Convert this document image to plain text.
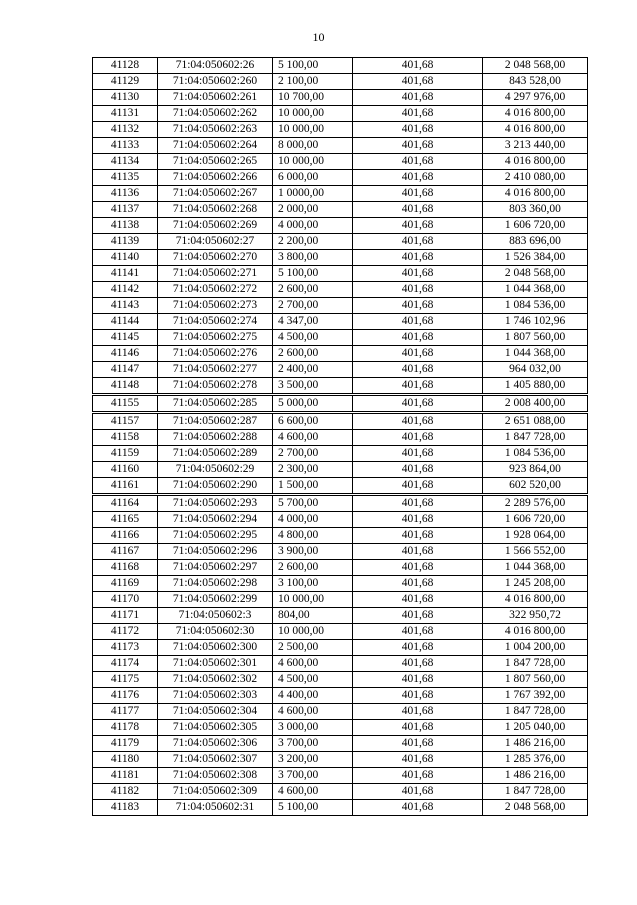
10
41128	71:04:050602:26	5 100,00	401,68	2 048 568,00
41129	71:04:050602:260	2 100,00	401,68	843 528,00
41130	71:04:050602:261	10 700,00	401,68	4 297 976,00
41131	71:04:050602:262	10 000,00	401,68	4 016 800,00
41132	71:04:050602:263	10 000,00	401,68	4 016 800,00
41133	71:04:050602:264	8 000,00	401,68	3 213 440,00
41134	71:04:050602:265	10 000,00	401,68	4 016 800,00
41135	71:04:050602:266	6 000,00	401,68	2 410 080,00
41136	71:04:050602:267	1 0000,00	401,68	4 016 800,00
41137	71:04:050602:268	2 000,00	401,68	803 360,00
41138	71:04:050602:269	4 000,00	401,68	1 606 720,00
41139	71:04:050602:27	2 200,00	401,68	883 696,00
41140	71:04:050602:270	3 800,00	401,68	1 526 384,00
41141	71:04:050602:271	5 100,00	401,68	2 048 568,00
41142	71:04:050602:272	2 600,00	401,68	1 044 368,00
41143	71:04:050602:273	2 700,00	401,68	1 084 536,00
41144	71:04:050602:274	4 347,00	401,68	1 746 102,96
41145	71:04:050602:275	4 500,00	401,68	1 807 560,00
41146	71:04:050602:276	2 600,00	401,68	1 044 368,00
41147	71:04:050602:277	2 400,00	401,68	964 032,00
41148	71:04:050602:278	3 500,00	401,68	1 405 880,00
41155	71:04:050602:285	5 000,00	401,68	2 008 400,00
41157	71:04:050602:287	6 600,00	401,68	2 651 088,00
41158	71:04:050602:288	4 600,00	401,68	1 847 728,00
41159	71:04:050602:289	2 700,00	401,68	1 084 536,00
41160	71:04:050602:29	2 300,00	401,68	923 864,00
41161	71:04:050602:290	1 500,00	401,68	602 520,00
41164	71:04:050602:293	5 700,00	401,68	2 289 576,00
41165	71:04:050602:294	4 000,00	401,68	1 606 720,00
41166	71:04:050602:295	4 800,00	401,68	1 928 064,00
41167	71:04:050602:296	3 900,00	401,68	1 566 552,00
41168	71:04:050602:297	2 600,00	401,68	1 044 368,00
41169	71:04:050602:298	3 100,00	401,68	1 245 208,00
41170	71:04:050602:299	10 000,00	401,68	4 016 800,00
41171	71:04:050602:3	804,00	401,68	322 950,72
41172	71:04:050602:30	10 000,00	401,68	4 016 800,00
41173	71:04:050602:300	2 500,00	401,68	1 004 200,00
41174	71:04:050602:301	4 600,00	401,68	1 847 728,00
41175	71:04:050602:302	4 500,00	401,68	1 807 560,00
41176	71:04:050602:303	4 400,00	401,68	1 767 392,00
41177	71:04:050602:304	4 600,00	401,68	1 847 728,00
41178	71:04:050602:305	3 000,00	401,68	1 205 040,00
41179	71:04:050602:306	3 700,00	401,68	1 486 216,00
41180	71:04:050602:307	3 200,00	401,68	1 285 376,00
41181	71:04:050602:308	3 700,00	401,68	1 486 216,00
41182	71:04:050602:309	4 600,00	401,68	1 847 728,00
41183	71:04:050602:31	5 100,00	401,68	2 048 568,00
